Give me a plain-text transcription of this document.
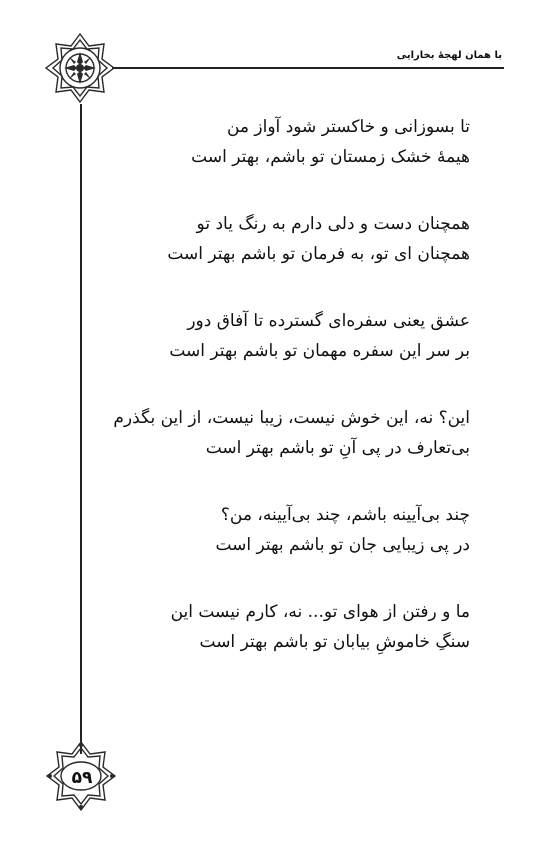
با همان لهجهٔ بخارایی
۵۹
تا بسوزانی و خاکستر شود آواز من
هیمهٔ خشک زمستان تو باشم، بهتر است
همچنان دست و دلی دارم به رنگ یاد تو
همچنان ای تو، به فرمان تو باشم بهتر است
عشق یعنی سفره‌ای گسترده تا آفاق دور
بر سر این سفره مهمان تو باشم بهتر است
این؟ نه، این خوش نیست، زیبا نیست، از این بگذرم
بی‌تعارف در پی آنِ تو باشم بهتر است
چند بی‌آیینه باشم، چند بی‌آیینه، من؟
در پی زیبایی جان تو باشم بهتر است
ما و رفتن از هوای تو... نه، کارم نیست این
سنگِ خاموشِ بیابان تو باشم بهتر است
